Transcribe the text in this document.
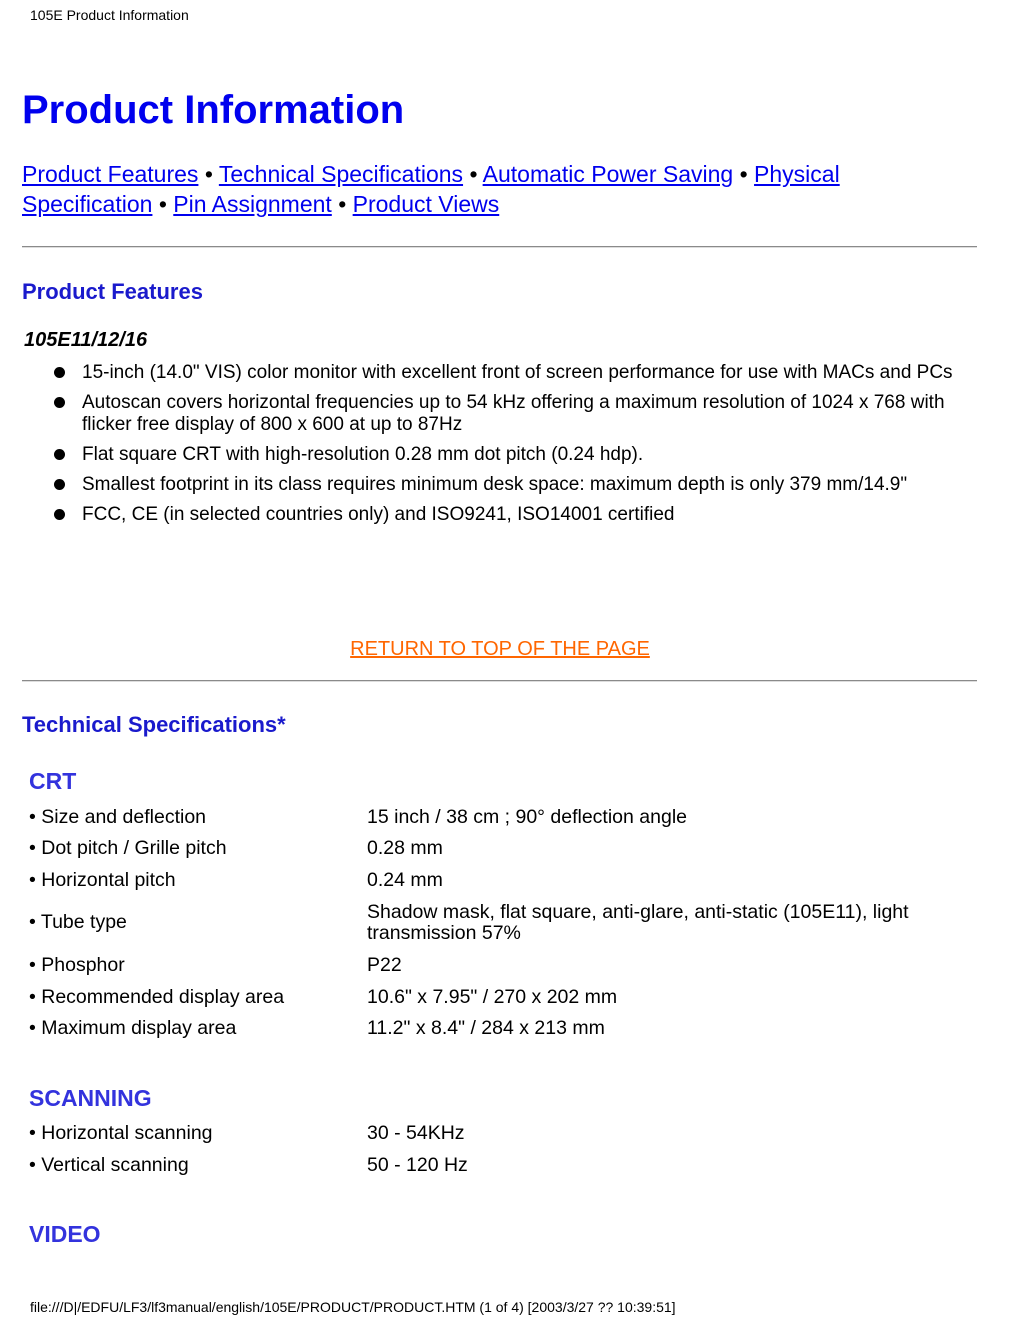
105E Product Information
Product Information
Product Features • Technical Specifications • Automatic Power Saving • Physical Specification • Pin Assignment • Product Views
Product Features
105E11/12/16
15-inch (14.0" VIS) color monitor with excellent front of screen performance for use with MACs and PCs
Autoscan covers horizontal frequencies up to 54 kHz offering a maximum resolution of 1024 x 768 with flicker free display of 800 x 600 at up to 87Hz
Flat square CRT with high-resolution 0.28 mm dot pitch (0.24 hdp).
Smallest footprint in its class requires minimum desk space: maximum depth is only 379 mm/14.9"
FCC, CE (in selected countries only) and ISO9241, ISO14001 certified
RETURN TO TOP OF THE PAGE
Technical Specifications*
CRT
• Size and deflection	15 inch / 38 cm ; 90° deflection angle
• Dot pitch / Grille pitch	0.28 mm
• Horizontal pitch	0.24 mm
• Tube type	Shadow mask, flat square, anti-glare, anti-static (105E11), light transmission 57%
• Phosphor	P22
• Recommended display area	10.6" x 7.95" / 270 x 202 mm
• Maximum display area	11.2" x 8.4" / 284 x 213 mm
SCANNING
• Horizontal scanning	30 - 54KHz
• Vertical scanning	50 - 120 Hz
VIDEO
file:///D|/EDFU/LF3/lf3manual/english/105E/PRODUCT/PRODUCT.HTM (1 of 4) [2003/3/27 ?? 10:39:51]
